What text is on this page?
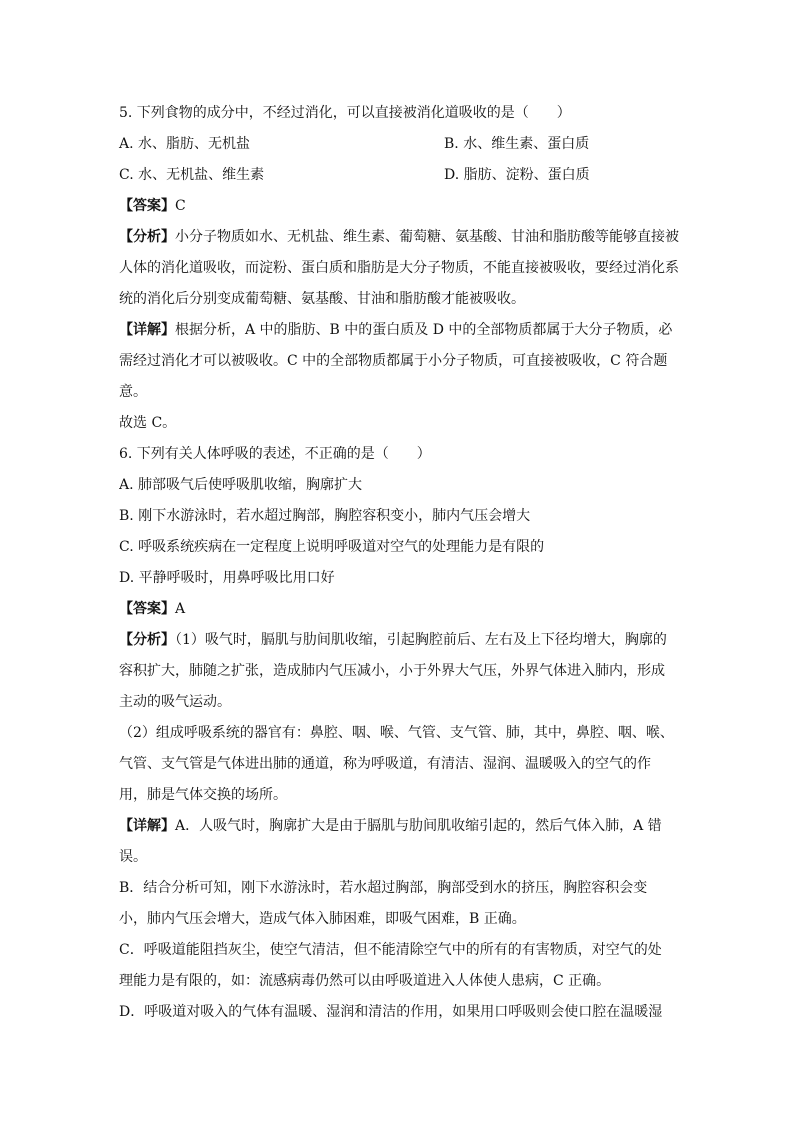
5. 下列食物的成分中，不经过消化，可以直接被消化道吸收的是（　　）
A. 水、脂肪、无机盐	B. 水、维生素、蛋白质
C. 水、无机盐、维生素	D. 脂肪、淀粉、蛋白质
【答案】C
【分析】小分子物质如水、无机盐、维生素、葡萄糖、氨基酸、甘油和脂肪酸等能够直接被
人体的消化道吸收，而淀粉、蛋白质和脂肪是大分子物质，不能直接被吸收，要经过消化系
统的消化后分别变成葡萄糖、氨基酸、甘油和脂肪酸才能被吸收。
【详解】根据分析，A 中的脂肪、B 中的蛋白质及 D 中的全部物质都属于大分子物质，必
需经过消化才可以被吸收。C 中的全部物质都属于小分子物质，可直接被吸收，C 符合题
意。
故选 C。
6. 下列有关人体呼吸的表述，不正确的是（　　）
A. 肺部吸气后使呼吸肌收缩，胸廓扩大
B. 刚下水游泳时，若水超过胸部，胸腔容积变小，肺内气压会增大
C. 呼吸系统疾病在一定程度上说明呼吸道对空气的处理能力是有限的
D. 平静呼吸时，用鼻呼吸比用口好
【答案】A
【分析】（1）吸气时，膈肌与肋间肌收缩，引起胸腔前后、左右及上下径均增大，胸廓的
容积扩大，肺随之扩张，造成肺内气压减小，小于外界大气压，外界气体进入肺内，形成
主动的吸气运动。
（2）组成呼吸系统的器官有：鼻腔、咽、喉、气管、支气管、肺，其中，鼻腔、咽、喉、
气管、支气管是气体进出肺的通道，称为呼吸道，有清洁、湿润、温暖吸入的空气的作
用，肺是气体交换的场所。
【详解】A．人吸气时，胸廓扩大是由于膈肌与肋间肌收缩引起的，然后气体入肺，A 错
误。
B．结合分析可知，刚下水游泳时，若水超过胸部，胸部受到水的挤压，胸腔容积会变
小，肺内气压会增大，造成气体入肺困难，即吸气困难，B 正确。
C．呼吸道能阻挡灰尘，使空气清洁，但不能清除空气中的所有的有害物质，对空气的处
理能力是有限的，如：流感病毒仍然可以由呼吸道进入人体使人患病，C 正确。
D．呼吸道对吸入的气体有温暖、湿润和清洁的作用，如果用口呼吸则会使口腔在温暖湿
